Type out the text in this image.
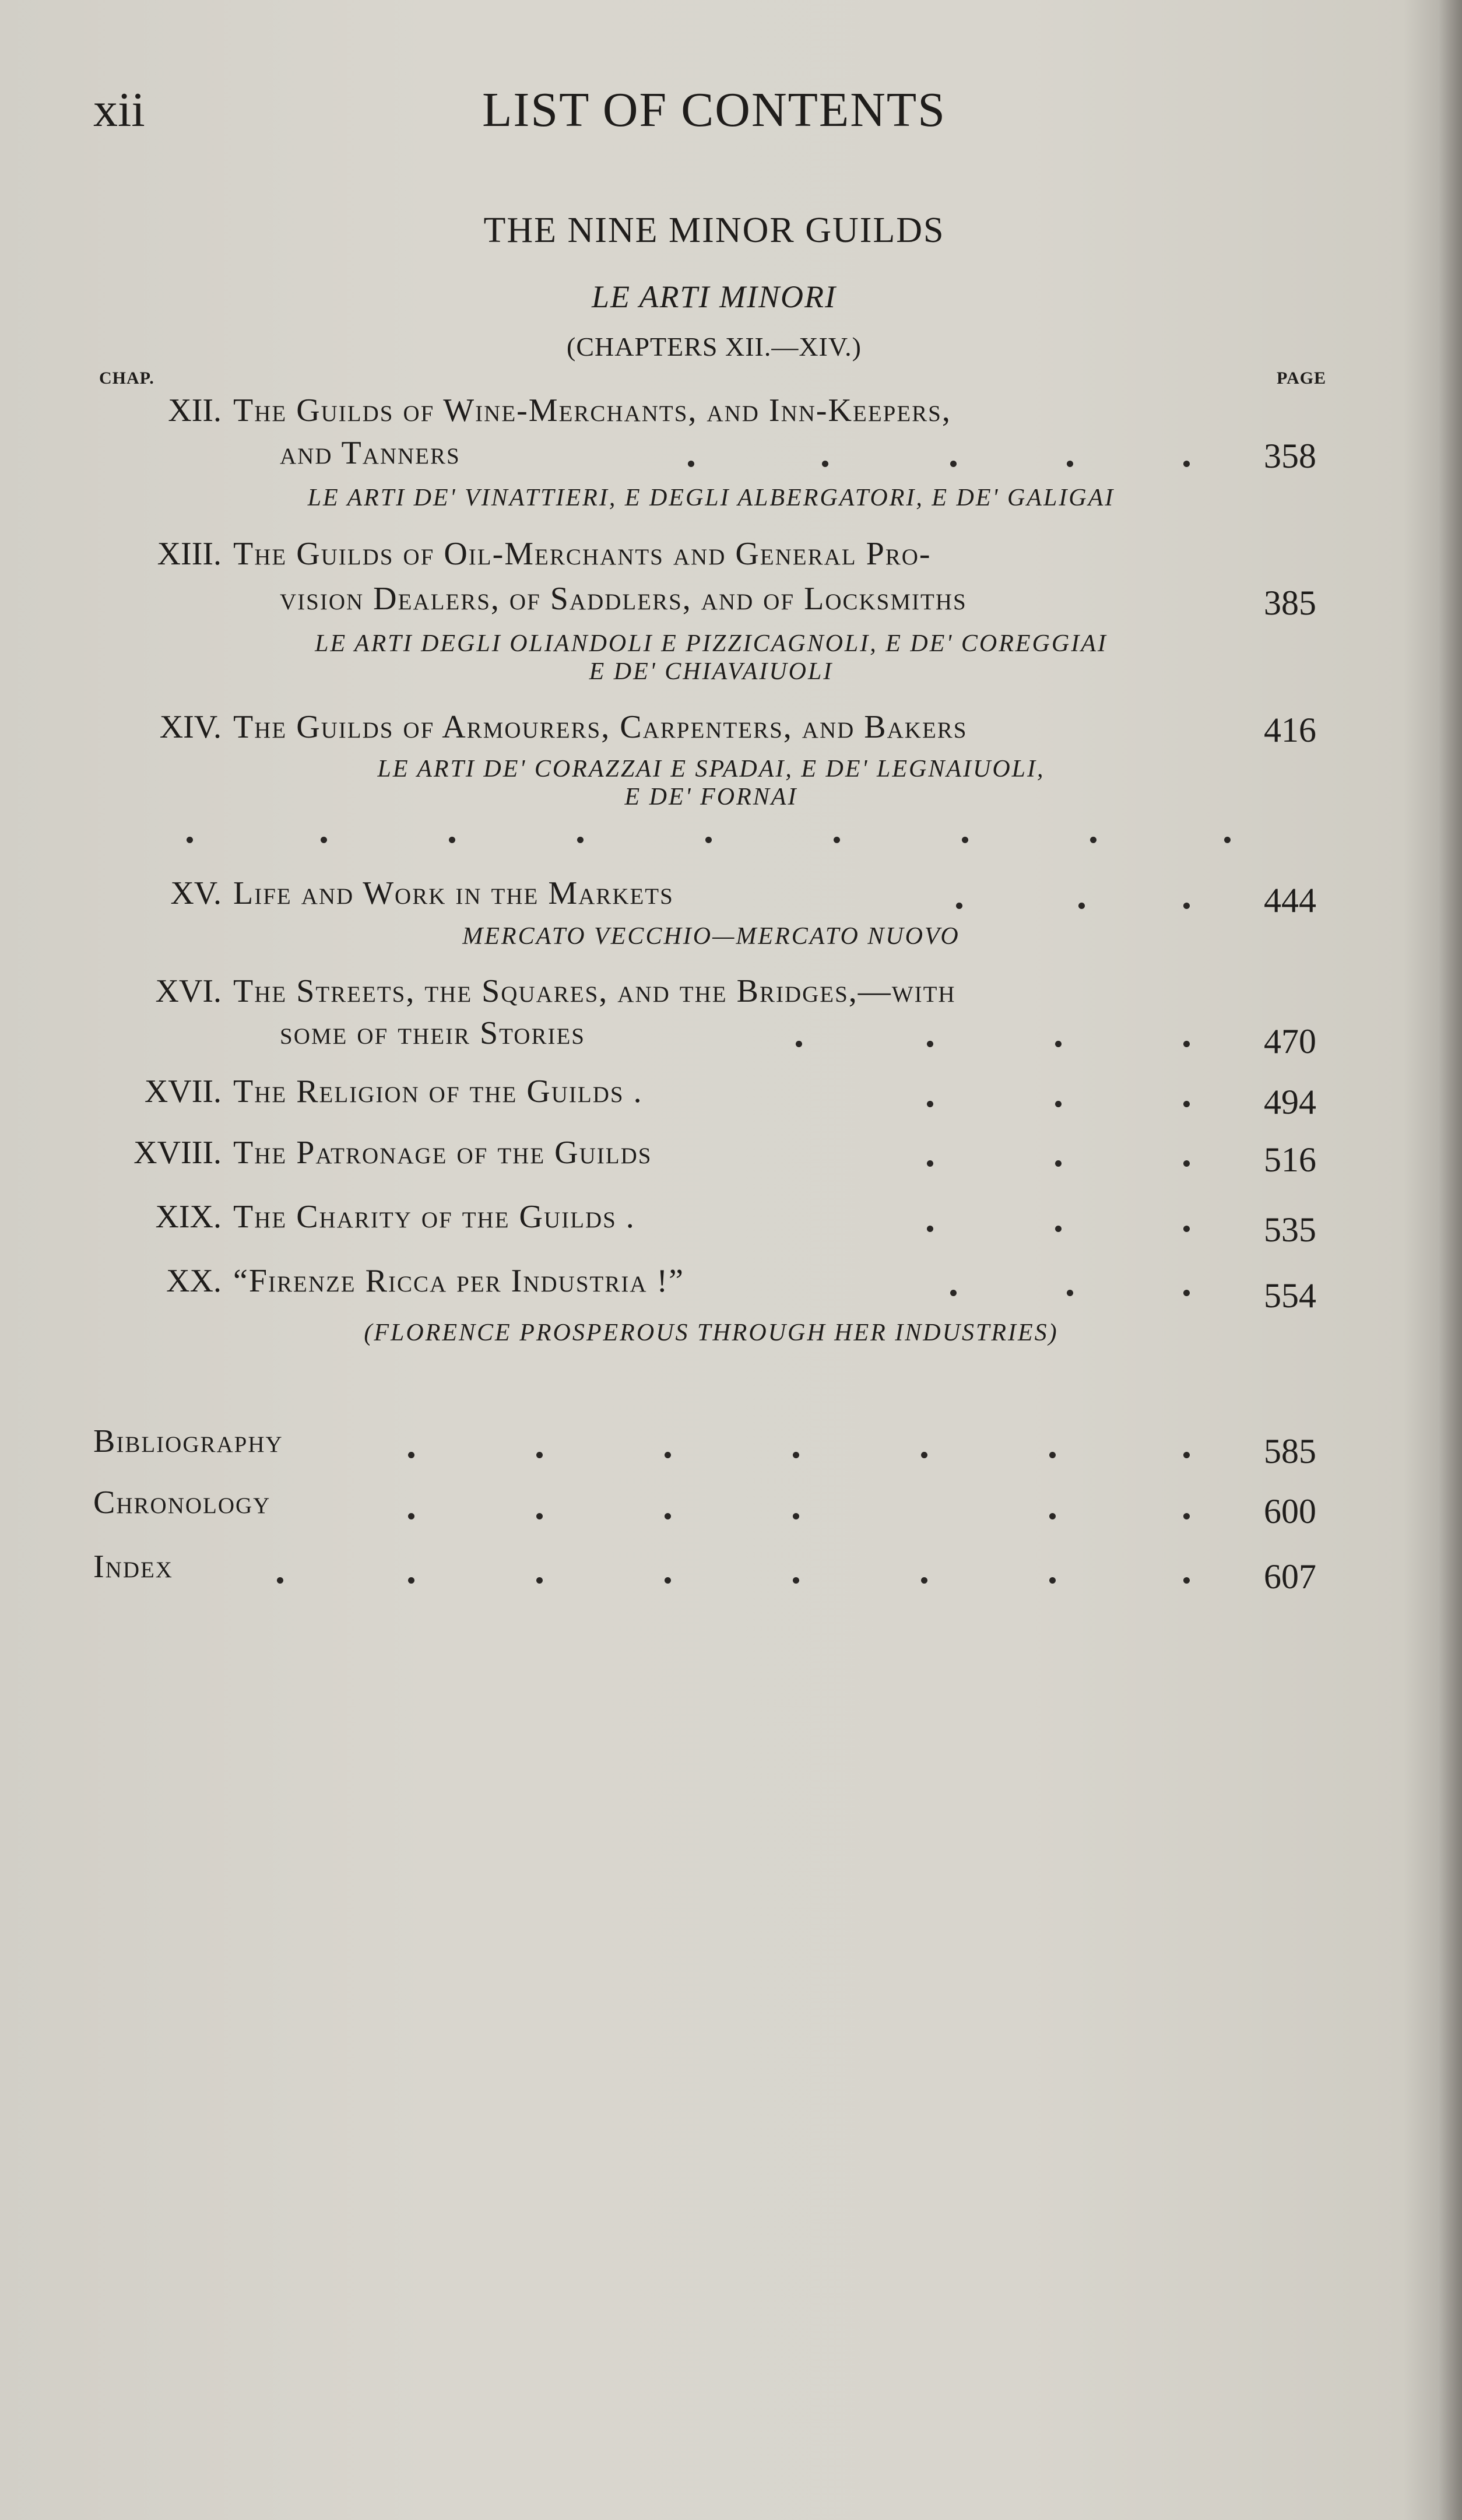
xii	LIST OF CONTENTS
THE NINE MINOR GUILDS
LE ARTI MINORI
(CHAPTERS XII.—XIV.)
CHAP.	PAGE
XII. The Guilds of Wine-Merchants, and Inn-Keepers,
and Tanners	358
LE ARTI DE' VINATTIERI, E DEGLI ALBERGATORI, E DE' GALIGAI
XIII. The Guilds of Oil-Merchants and General Pro-
vision Dealers, of Saddlers, and of Locksmiths	385
LE ARTI DEGLI OLIANDOLI E PIZZICAGNOLI, E DE' COREGGIAI
E DE' CHIAVAIUOLI
XIV. The Guilds of Armourers, Carpenters, and Bakers	416
LE ARTI DE' CORAZZAI E SPADAI, E DE' LEGNAIUOLI,
E DE' FORNAI
XV. Life and Work in the Markets	444
MERCATO VECCHIO—MERCATO NUOVO
XVI. The Streets, the Squares, and the Bridges,—with
some of their Stories	470
XVII. The Religion of the Guilds .	494
XVIII. The Patronage of the Guilds	516
XIX. The Charity of the Guilds .	535
XX. “Firenze Ricca per Industria !”	554
(FLORENCE PROSPEROUS THROUGH HER INDUSTRIES)
Bibliography	585
Chronology	600
Index	607
